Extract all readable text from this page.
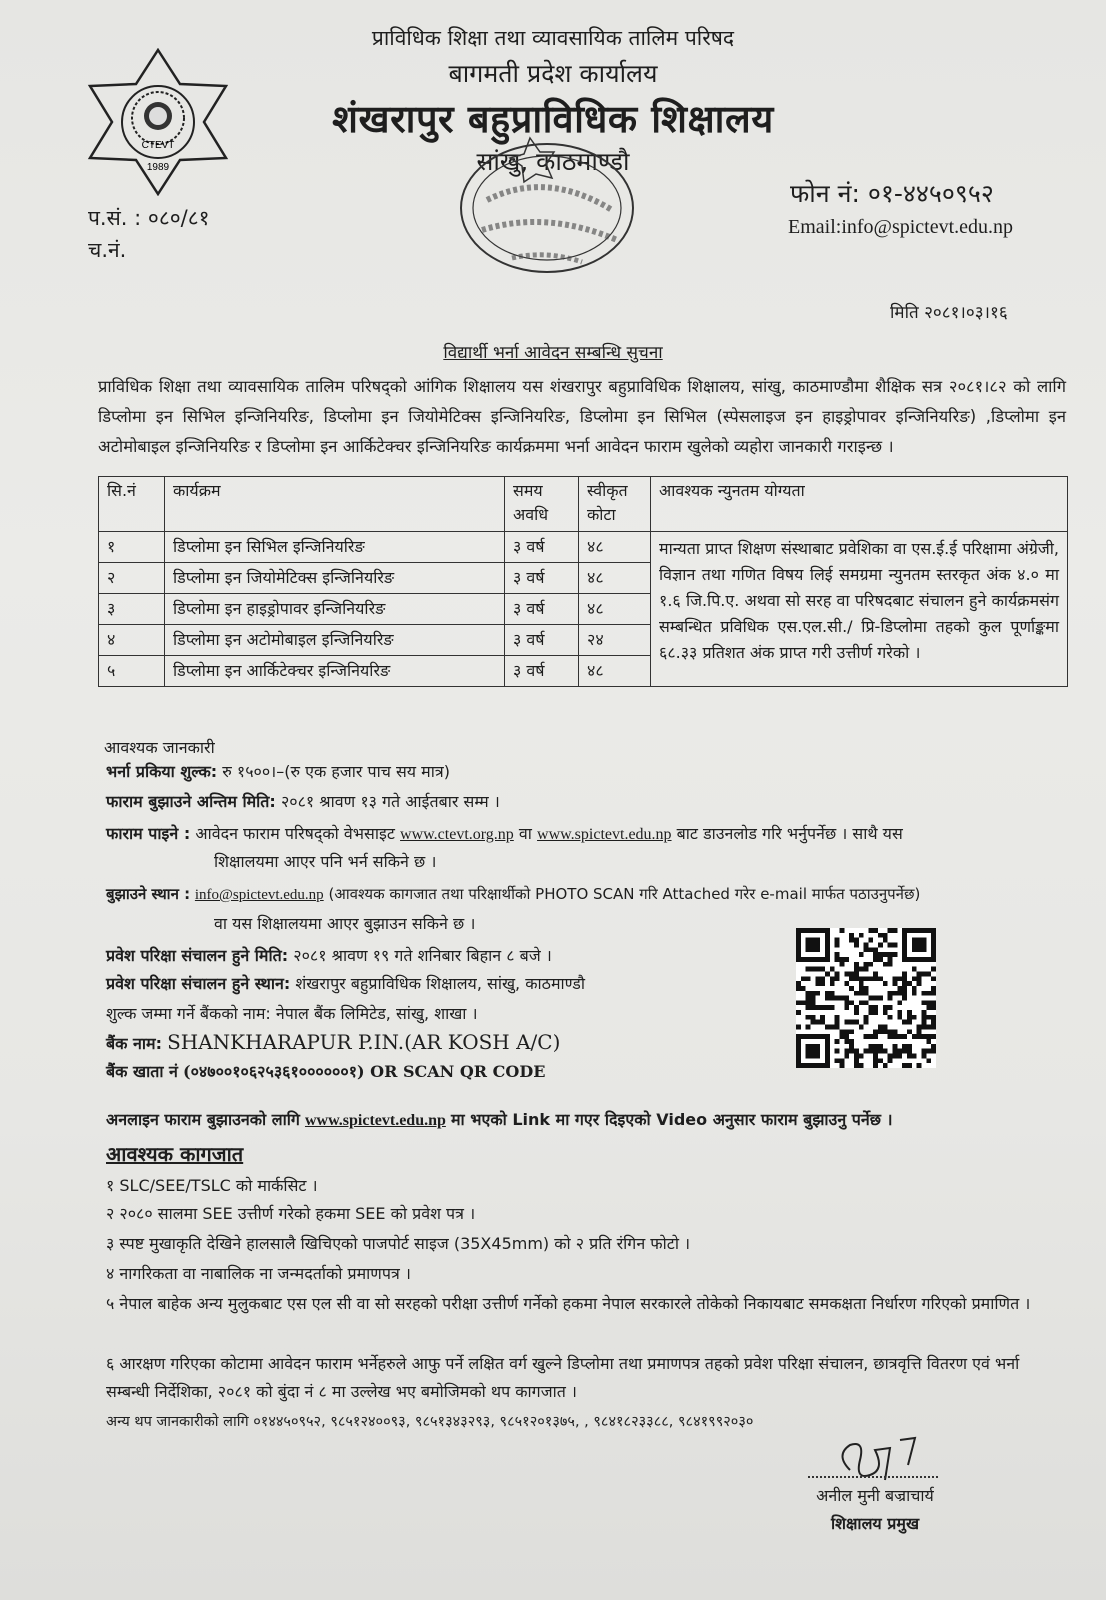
CTEVT
1989
प्राविधिक शिक्षा तथा व्यावसायिक तालिम परिषद
बागमती प्रदेश कार्यालय
शंखरापुर बहुप्राविधिक शिक्षालय
सांखु, काठमाण्डौ
प.सं. : ०८०/८१
च.नं.
फोन नं: ०१-४४५०९५२
Email:info@spictevt.edu.np
मिति २०८१।०३।१६
विद्यार्थी भर्ना आवेदन सम्बन्धि सुचना
प्राविधिक शिक्षा तथा व्यावसायिक तालिम परिषद्को आंगिक शिक्षालय यस शंखरापुर बहुप्राविधिक शिक्षालय, सांखु, काठमाण्डौमा शैक्षिक सत्र २०८१।८२ को लागि डिप्लोमा इन सिभिल इन्जिनियरिङ, डिप्लोमा इन जियोमेटिक्स इन्जिनियरिङ, डिप्लोमा इन सिभिल (स्पेसलाइज इन हाइड्रोपावर इन्जिनियरिङ) ,डिप्लोमा इन अटोमोबाइल इन्जिनियरिङ र डिप्लोमा इन आर्किटेक्चर इन्जिनियरिङ कार्यक्रममा भर्ना आवेदन फाराम खुलेको व्यहोरा जानकारी गराइन्छ ।
सि.नं	कार्यक्रम	समय अवधि	स्वीकृत कोटा	आवश्यक न्युनतम योग्यता
१	डिप्लोमा इन सिभिल इन्जिनियरिङ	३ वर्ष	४८	मान्यता प्राप्त शिक्षण संस्थाबाट प्रवेशिका वा एस.ई.ई परिक्षामा अंग्रेजी, विज्ञान तथा गणित विषय लिई समग्रमा न्युनतम स्तरकृत अंक ४.० मा १.६ जि.पि.ए. अथवा सो सरह वा परिषदबाट संचालन हुने कार्यक्रमसंग सम्बन्धित प्रविधिक एस.एल.सी./ प्रि-डिप्लोमा तहको कुल पूर्णाङ्कमा ६८.३३ प्रतिशत अंक प्राप्त गरी उत्तीर्ण गरेको ।
२	डिप्लोमा इन जियोमेटिक्स इन्जिनियरिङ	३ वर्ष	४८	
३	डिप्लोमा इन हाइड्रोपावर इन्जिनियरिङ	३ वर्ष	४८	
४	डिप्लोमा इन अटोमोबाइल इन्जिनियरिङ	३ वर्ष	२४	
५	डिप्लोमा इन आर्किटेक्चर इन्जिनियरिङ	३ वर्ष	४८	
आवश्यक जानकारी
भर्ना प्रकिया शुल्क: रु १५००।–(रु एक हजार पाच सय मात्र)
फाराम बुझाउने अन्तिम मिति: २०८१ श्रावण १३ गते आईतबार सम्म ।
फाराम पाइने : आवेदन फाराम परिषद्को वेभसाइट www.ctevt.org.np वा www.spictevt.edu.np बाट डाउनलोड गरि भर्नुपर्नेछ । साथै यस
शिक्षालयमा आएर पनि भर्न सकिने छ ।
बुझाउने स्थान : info@spictevt.edu.np (आवश्यक कागजात तथा परिक्षार्थीको PHOTO SCAN गरि Attached गरेर e-mail मार्फत पठाउनुपर्नेछ)
वा यस शिक्षालयमा आएर बुझाउन सकिने छ ।
प्रवेश परिक्षा संचालन हुने मिति: २०८१ श्रावण १९ गते शनिबार बिहान ८ बजे ।
प्रवेश परिक्षा संचालन हुने स्थान: शंखरापुर बहुप्राविधिक शिक्षालय, सांखु, काठमाण्डौ
शुल्क जम्मा गर्ने बैंकको नाम: नेपाल बैंक लिमिटेड, सांखु, शाखा ।
बैंक नाम: SHANKHARAPUR P.IN.(AR KOSH A/C)
बैंक खाता नं (०४७००१०६२५३६१००००००१) OR SCAN QR CODE
अनलाइन फाराम बुझाउनको लागि www.spictevt.edu.np मा भएको Link मा गएर दिइएको Video अनुसार फाराम बुझाउनु पर्नेछ ।
आवश्यक कागजात
१ SLC/SEE/TSLC को मार्कसिट ।
२ २०८० सालमा SEE उत्तीर्ण गरेको हकमा SEE को प्रवेश पत्र ।
३ स्पष्ट मुखाकृति देखिने हालसालै खिचिएको पाजपोर्ट साइज (35X45mm) को २ प्रति रंगिन फोटो ।
४ नागरिकता वा नाबालिक ना जन्मदर्ताको प्रमाणपत्र ।
५ नेपाल बाहेक अन्य मुलुकबाट एस एल सी वा सो सरहको परीक्षा उत्तीर्ण गर्नेको हकमा नेपाल सरकारले तोकेको निकायबाट समकक्षता निर्धारण गरिएको प्रमाणित ।
६ आरक्षण गरिएका कोटामा आवेदन फाराम भर्नेहरुले आफु पर्ने लक्षित वर्ग खुल्ने डिप्लोमा तथा प्रमाणपत्र तहको प्रवेश परिक्षा संचालन, छात्रवृत्ति वितरण एवं भर्ना सम्बन्धी निर्देशिका, २०८१ को बुंदा नं ८ मा उल्लेख भए बमोजिमको थप कागजात ।
अन्य थप जानकारीको लागि ०१४४५०९५२, ९८५१२४००९३, ९८५१३४३२९३, ९८५१२०१३७५, , ९८४१८२३३८८, ९८४१९९२०३०
अनील मुनी बज्राचार्य
शिक्षालय प्रमुख
